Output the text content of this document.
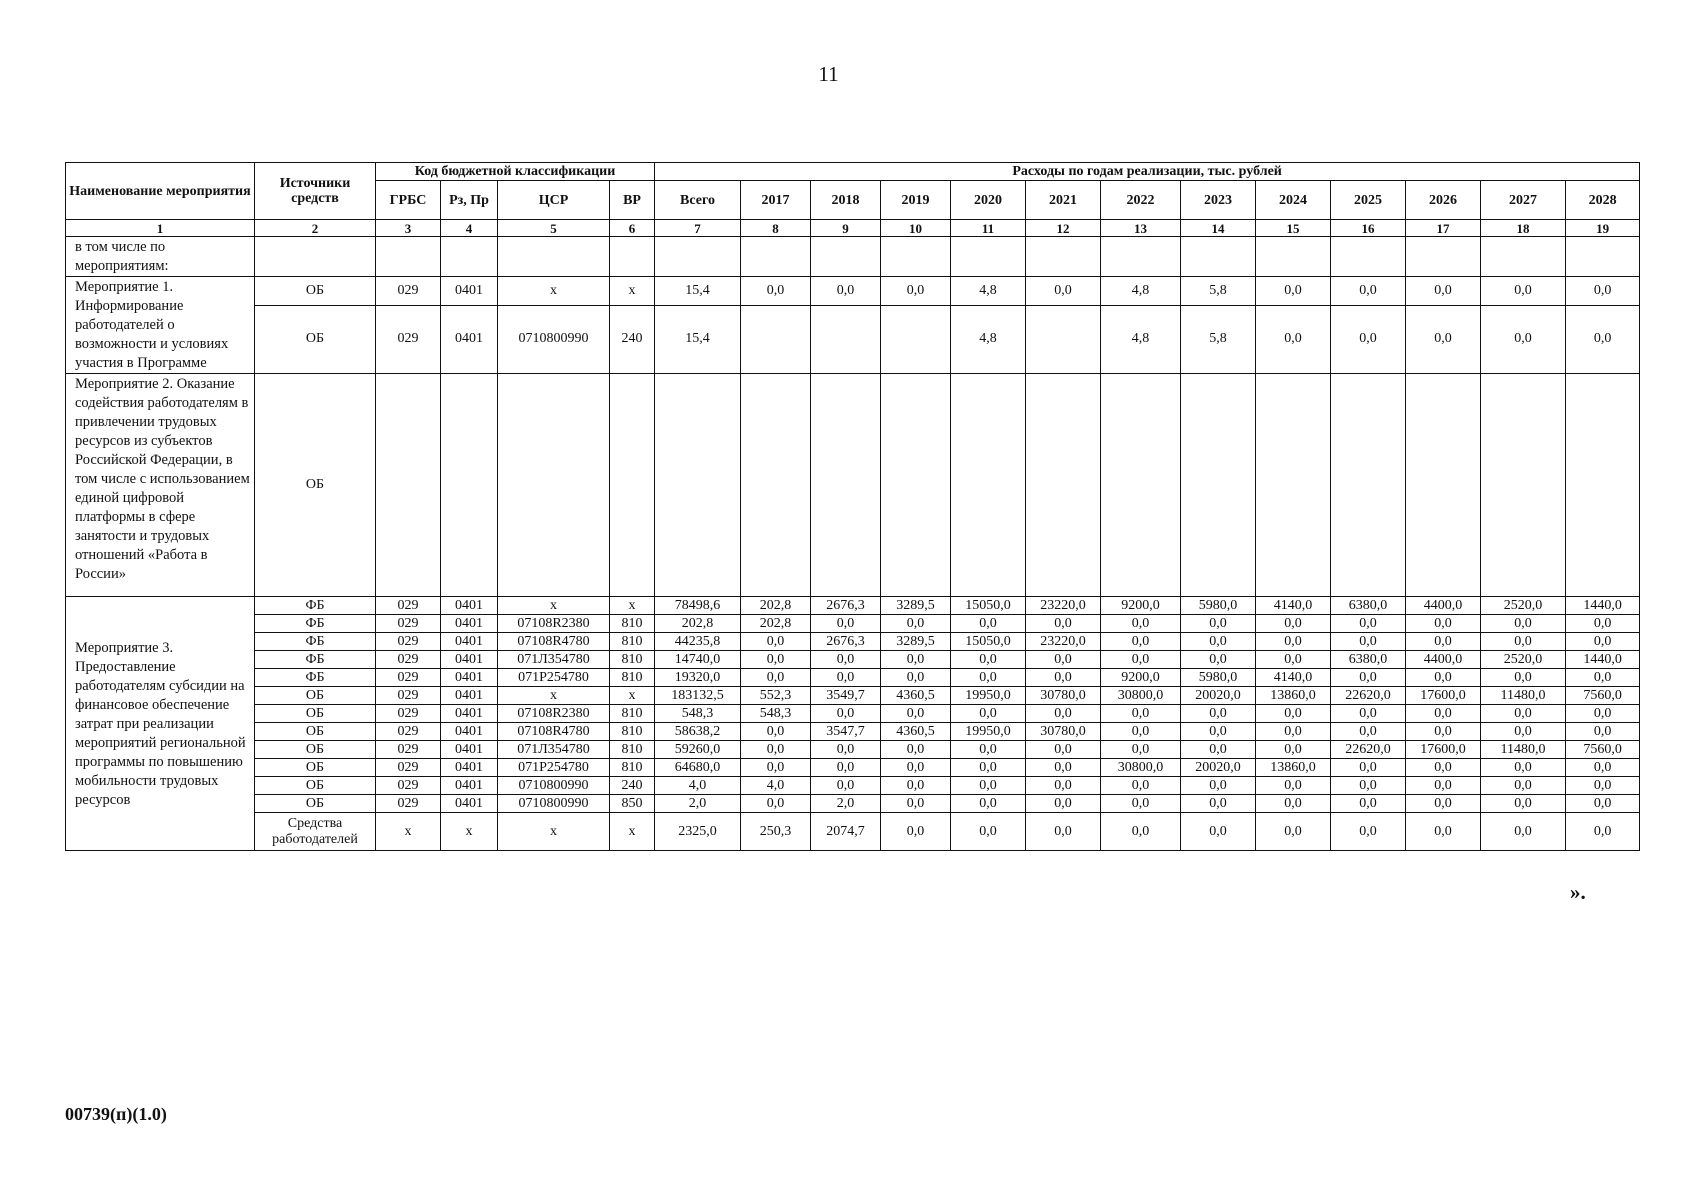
11
Наименование мероприятия	Источники средств	Код бюджетной классификации				Расходы по годам реализации, тыс. рублей												
		ГРБС	Рз, Пр	ЦСР	ВР	Всего	2017	2018	2019	2020	2021	2022	2023	2024	2025	2026	2027	2028
1	2	3	4	5	6	7	8	9	10	11	12	13	14	15	16	17	18	19
в том числе по мероприятиям:																		
Мероприятие 1. Информирование работодателей о возможности и условиях участия в Программе	ОБ	029	0401	x	x	15,4	0,0	0,0	0,0	4,8	0,0	4,8	5,8	0,0	0,0	0,0	0,0	0,0
	ОБ	029	0401	0710800990	240	15,4				4,8		4,8	5,8	0,0	0,0	0,0	0,0	0,0
Мероприятие 2. Оказание содействия работодателям в привлечении трудовых ресурсов из субъектов Российской Федерации, в том числе с использованием единой цифровой платформы в сфере занятости и трудовых отношений «Работа в России»	ОБ																	
Мероприятие 3. Предоставление работодателям субсидии на финансовое обеспечение затрат при реализации мероприятий региональной программы по повышению мобильности трудовых ресурсов	ФБ	029	0401	x	x	78498,6	202,8	2676,3	3289,5	15050,0	23220,0	9200,0	5980,0	4140,0	6380,0	4400,0	2520,0	1440,0
	ФБ	029	0401	07108R2380	810	202,8	202,8	0,0	0,0	0,0	0,0	0,0	0,0	0,0	0,0	0,0	0,0	0,0
	ФБ	029	0401	07108R4780	810	44235,8	0,0	2676,3	3289,5	15050,0	23220,0	0,0	0,0	0,0	0,0	0,0	0,0	0,0
	ФБ	029	0401	071Л354780	810	14740,0	0,0	0,0	0,0	0,0	0,0	0,0	0,0	0,0	6380,0	4400,0	2520,0	1440,0
	ФБ	029	0401	071P254780	810	19320,0	0,0	0,0	0,0	0,0	0,0	9200,0	5980,0	4140,0	0,0	0,0	0,0	0,0
	ОБ	029	0401	x	x	183132,5	552,3	3549,7	4360,5	19950,0	30780,0	30800,0	20020,0	13860,0	22620,0	17600,0	11480,0	7560,0
	ОБ	029	0401	07108R2380	810	548,3	548,3	0,0	0,0	0,0	0,0	0,0	0,0	0,0	0,0	0,0	0,0	0,0
	ОБ	029	0401	07108R4780	810	58638,2	0,0	3547,7	4360,5	19950,0	30780,0	0,0	0,0	0,0	0,0	0,0	0,0	0,0
	ОБ	029	0401	071Л354780	810	59260,0	0,0	0,0	0,0	0,0	0,0	0,0	0,0	0,0	22620,0	17600,0	11480,0	7560,0
	ОБ	029	0401	071P254780	810	64680,0	0,0	0,0	0,0	0,0	0,0	30800,0	20020,0	13860,0	0,0	0,0	0,0	0,0
	ОБ	029	0401	0710800990	240	4,0	4,0	0,0	0,0	0,0	0,0	0,0	0,0	0,0	0,0	0,0	0,0	0,0
	ОБ	029	0401	0710800990	850	2,0	0,0	2,0	0,0	0,0	0,0	0,0	0,0	0,0	0,0	0,0	0,0	0,0
	Средства работодателей	x	x	x	x	2325,0	250,3	2074,7	0,0	0,0	0,0	0,0	0,0	0,0	0,0	0,0	0,0	0,0
».
00739(п)(1.0)
